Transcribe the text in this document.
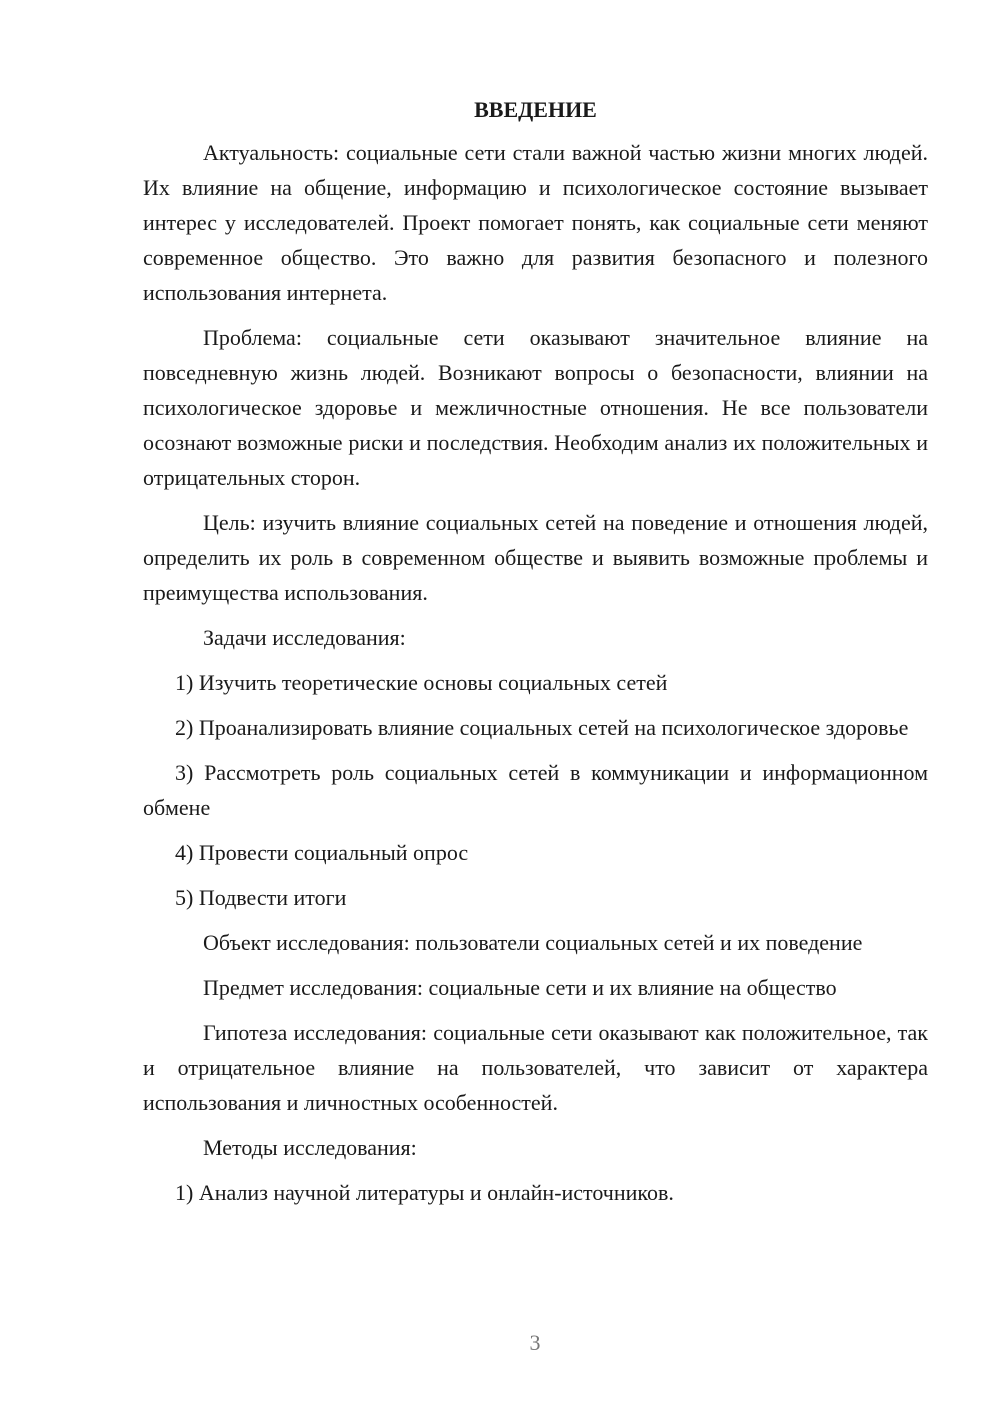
ВВЕДЕНИЕ

Актуальность: социальные сети стали важной частью жизни многих людей. Их влияние на общение, информацию и психологическое состояние вызывает интерес у исследователей. Проект помогает понять, как социальные сети меняют современное общество. Это важно для развития безопасного и полезного использования интернета.

Проблема: социальные сети оказывают значительное влияние на повседневную жизнь людей. Возникают вопросы о безопасности, влиянии на психологическое здоровье и межличностные отношения. Не все пользователи осознают возможные риски и последствия. Необходим анализ их положительных и отрицательных сторон.

Цель: изучить влияние социальных сетей на поведение и отношения людей, определить их роль в современном обществе и выявить возможные проблемы и преимущества использования.

Задачи исследования:

1) Изучить теоретические основы социальных сетей

2) Проанализировать влияние социальных сетей на психологическое здоровье

3) Рассмотреть роль социальных сетей в коммуникации и информационном обмене

4) Провести социальный опрос

5) Подвести итоги

Объект исследования: пользователи социальных сетей и их поведение

Предмет исследования: социальные сети и их влияние на общество

Гипотеза исследования: социальные сети оказывают как положительное, так и отрицательное влияние на пользователей, что зависит от характера использования и личностных особенностей.

Методы исследования:

1) Анализ научной литературы и онлайн-источников.

3
